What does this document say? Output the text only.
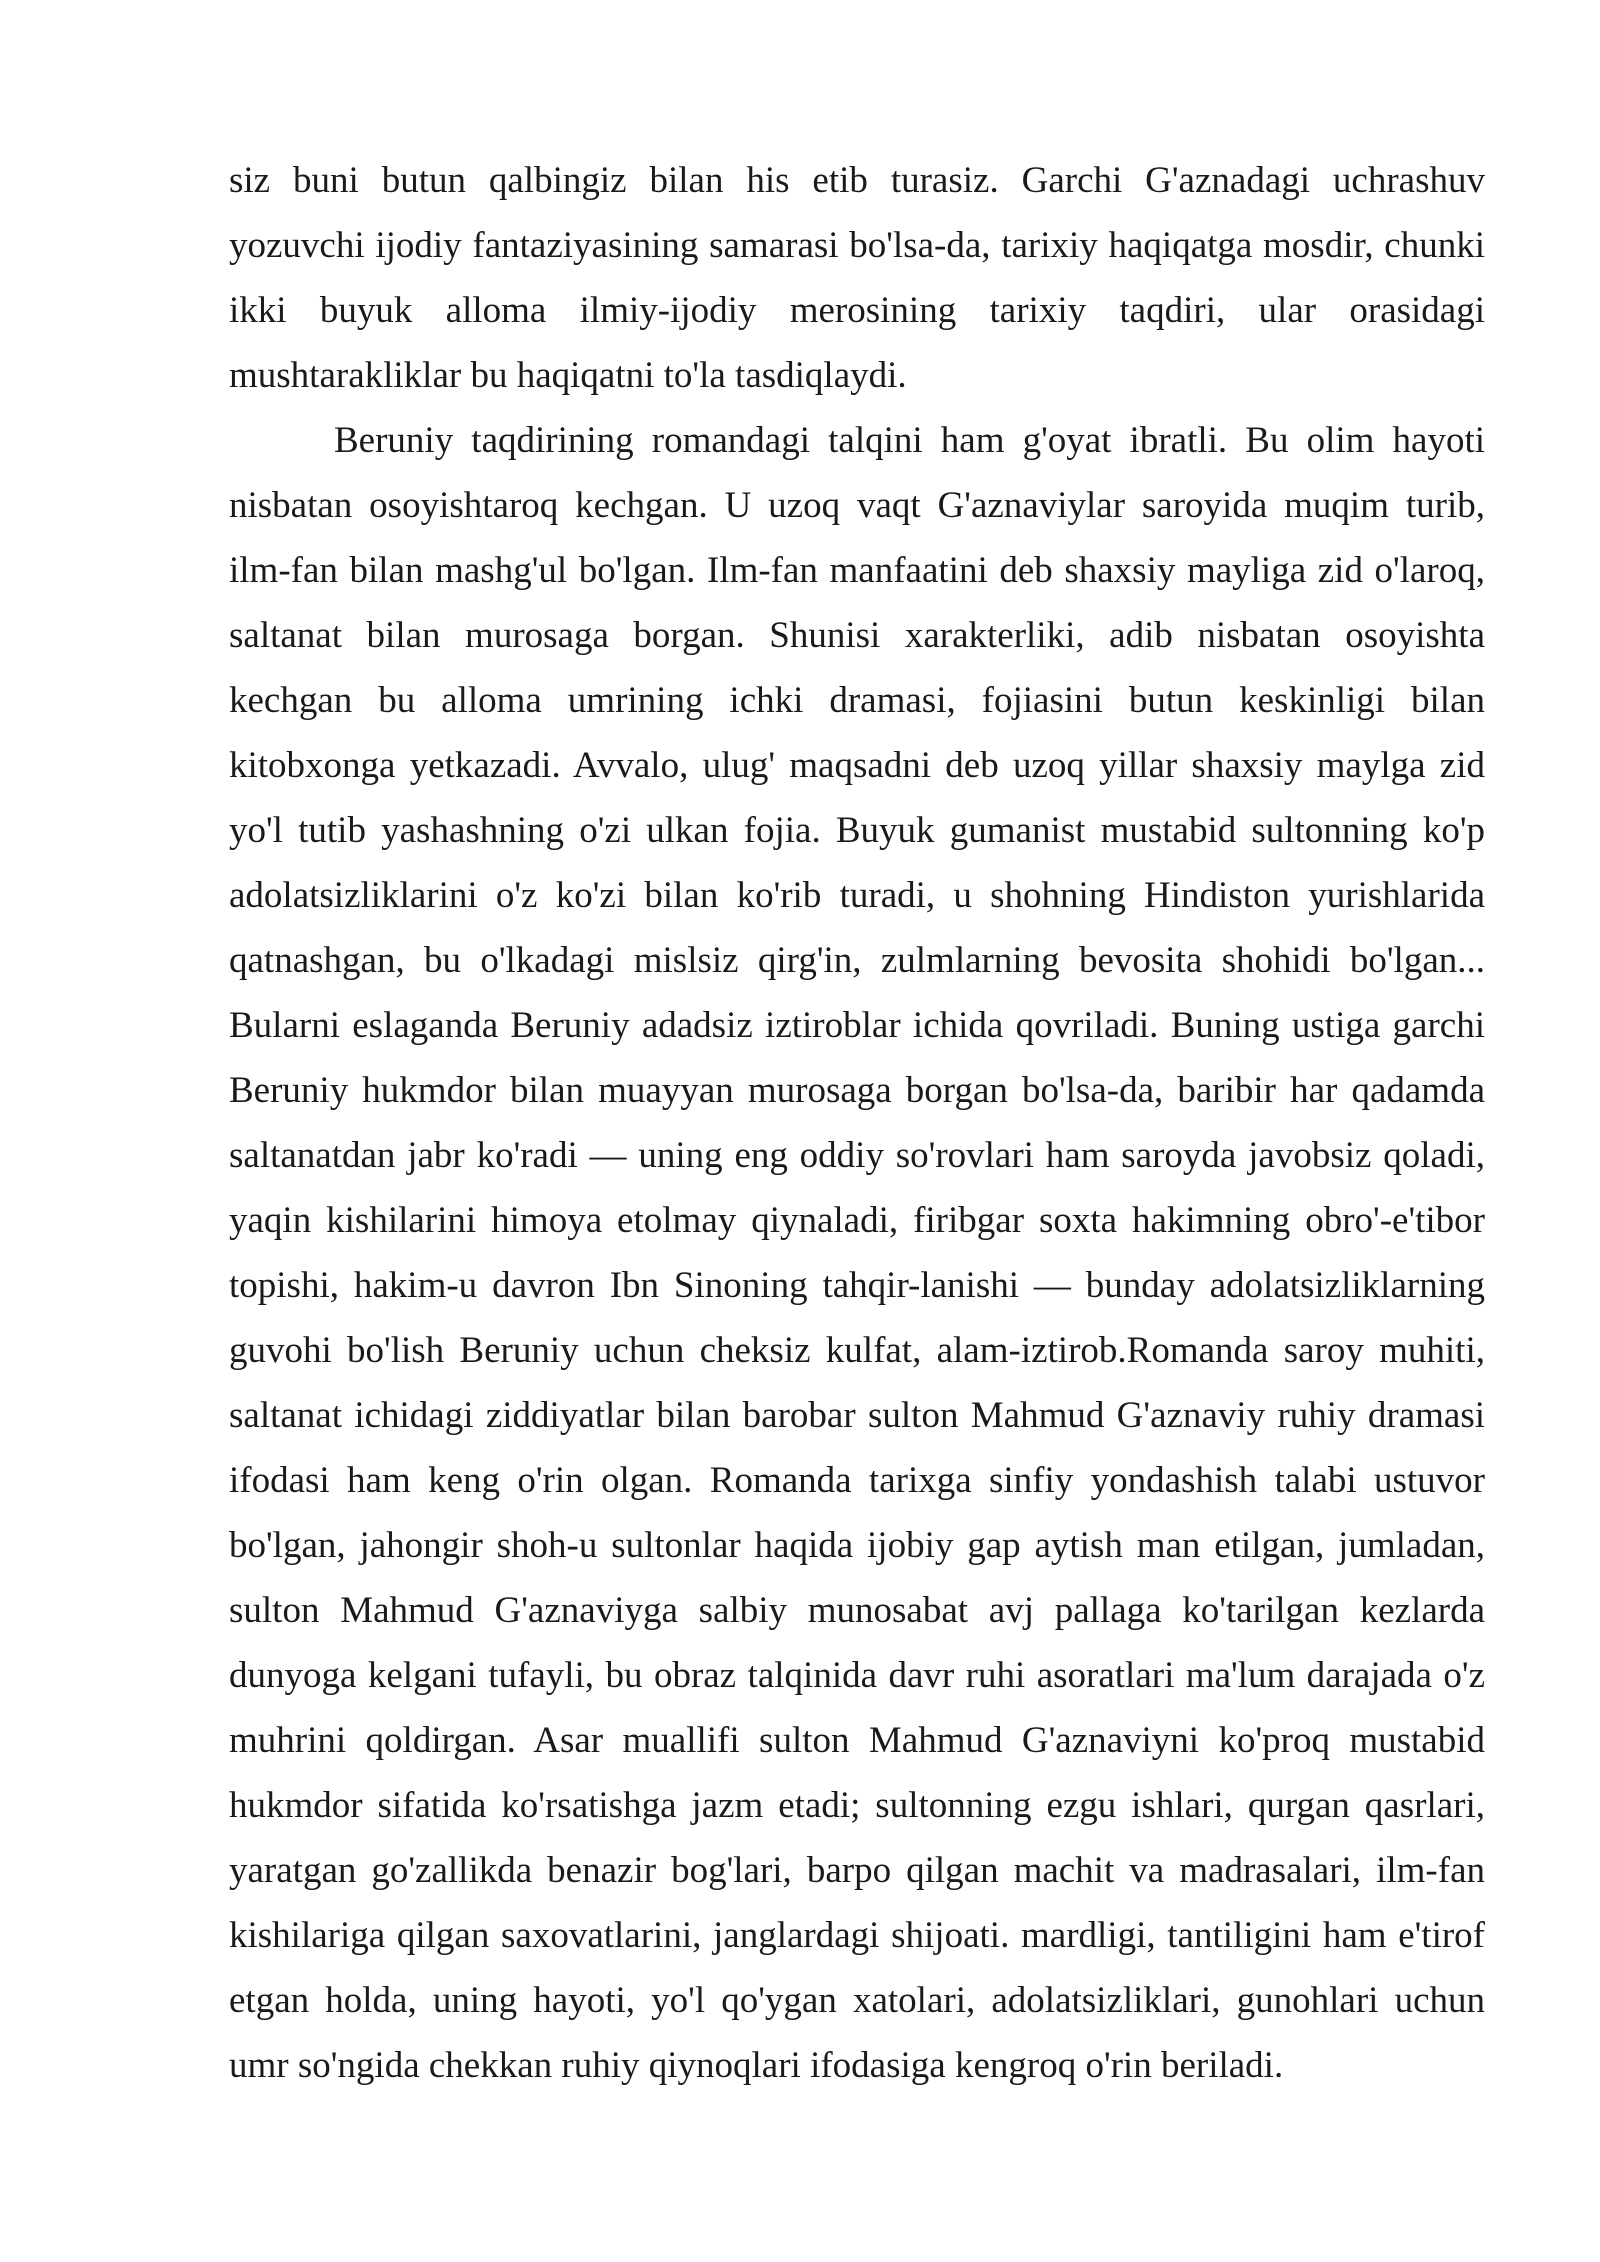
siz buni butun qalbingiz bilan his etib turasiz. Garchi G'aznadagi uchrashuv yozuvchi ijodiy fantaziyasining samarasi bo'lsa-da, tarixiy haqiqatga mosdir, chunki ikki buyuk alloma ilmiy-ijodiy merosining tarixiy taqdiri, ular orasidagi mushtarakliklar bu haqiqatni to'la tasdiqlaydi.

Beruniy taqdirining romandagi talqini ham g'oyat ibratli. Bu olim hayoti nisbatan osoyishtaroq kechgan. U uzoq vaqt G'aznaviylar saroyida muqim turib, ilm-fan bilan mashg'ul bo'lgan. Ilm-fan manfaatini deb shaxsiy mayliga zid o'laroq, saltanat bilan murosaga borgan. Shunisi xarakterliki, adib nisbatan osoyishta kechgan bu alloma umrining ichki dramasi, fojiasini butun keskinligi bilan kitobxonga yetkazadi. Avvalo, ulug' maqsadni deb uzoq yillar shaxsiy maylga zid yo'l tutib yashashning o'zi ulkan fojia. Buyuk gumanist mustabid sultonning ko'p adolatsizliklarini o'z ko'zi bilan ko'rib turadi, u shohning Hindiston yurishlarida qatnashgan, bu o'lkadagi mislsiz qirg'in, zulmlarning bevosita shohidi bo'lgan... Bularni eslaganda Beruniy adadsiz iztiroblar ichida qovriladi. Buning ustiga garchi Beruniy hukmdor bilan muayyan murosaga borgan bo'lsa-da, baribir har qadamda saltanatdan jabr ko'radi — uning eng oddiy so'rovlari ham saroyda javobsiz qoladi, yaqin kishilarini himoya etolmay qiynaladi, firibgar soxta hakimning obro'-e'tibor topishi, hakim-u davron Ibn Sinoning tahqir-lanishi — bunday adolatsizliklarning guvohi bo'lish Beruniy uchun cheksiz kulfat, alam-iztirob.Romanda saroy muhiti, saltanat ichidagi ziddiyatlar bilan barobar sulton Mahmud G'aznaviy ruhiy dramasi ifodasi ham keng o'rin olgan. Romanda tarixga sinfiy yondashish talabi ustuvor bo'lgan, jahongir shoh-u sultonlar haqida ijobiy gap aytish man etilgan, jumladan, sulton Mahmud G'aznaviyga salbiy munosabat avj pallaga ko'tarilgan kezlarda dunyoga kelgani tufayli, bu obraz talqinida davr ruhi asoratlari ma'lum darajada o'z muhrini qoldirgan. Asar muallifi sulton Mahmud G'aznaviyni ko'proq mustabid hukmdor sifatida ko'rsatishga jazm etadi; sultonning ezgu ishlari, qurgan qasrlari, yaratgan go'zallikda benazir bog'lari, barpo qilgan machit va madrasalari, ilm-fan kishilariga qilgan saxovatlarini, janglardagi shijoati. mardligi, tantiligini ham e'tirof etgan holda, uning hayoti, yo'l qo'ygan xatolari, adolatsizliklari, gunohlari uchun umr so'ngida chekkan ruhiy qiynoqlari ifodasiga kengroq o'rin beriladi.
